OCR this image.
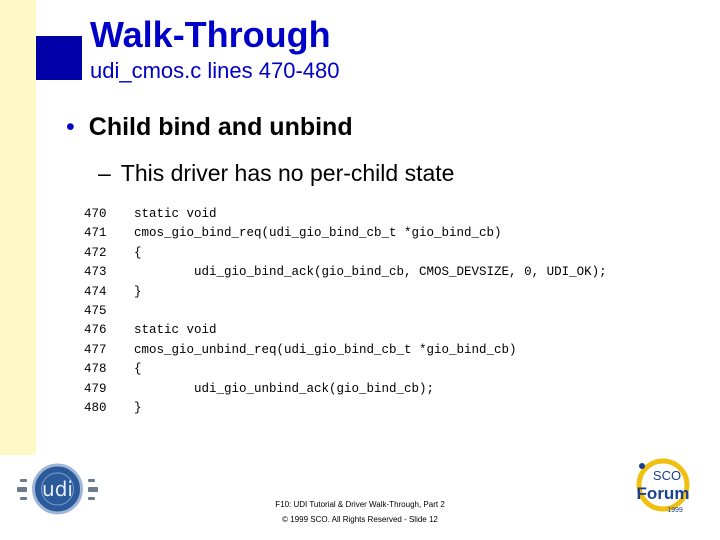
Walk-Through
udi_cmos.c lines 470-480
• Child bind and unbind
– This driver has no per-child state
470 static void
471 cmos_gio_bind_req(udi_gio_bind_cb_t *gio_bind_cb)
472 {
473        udi_gio_bind_ack(gio_bind_cb, CMOS_DEVSIZE, 0, UDI_OK);
474 }
475
476 static void
477 cmos_gio_unbind_req(udi_gio_bind_cb_t *gio_bind_cb)
478 {
479        udi_gio_unbind_ack(gio_bind_cb);
480 }
udi
SCO
Forum
1999
F10: UDI Tutorial & Driver Walk-Through, Part 2
© 1999 SCO. All Rights Reserved - Slide 12
